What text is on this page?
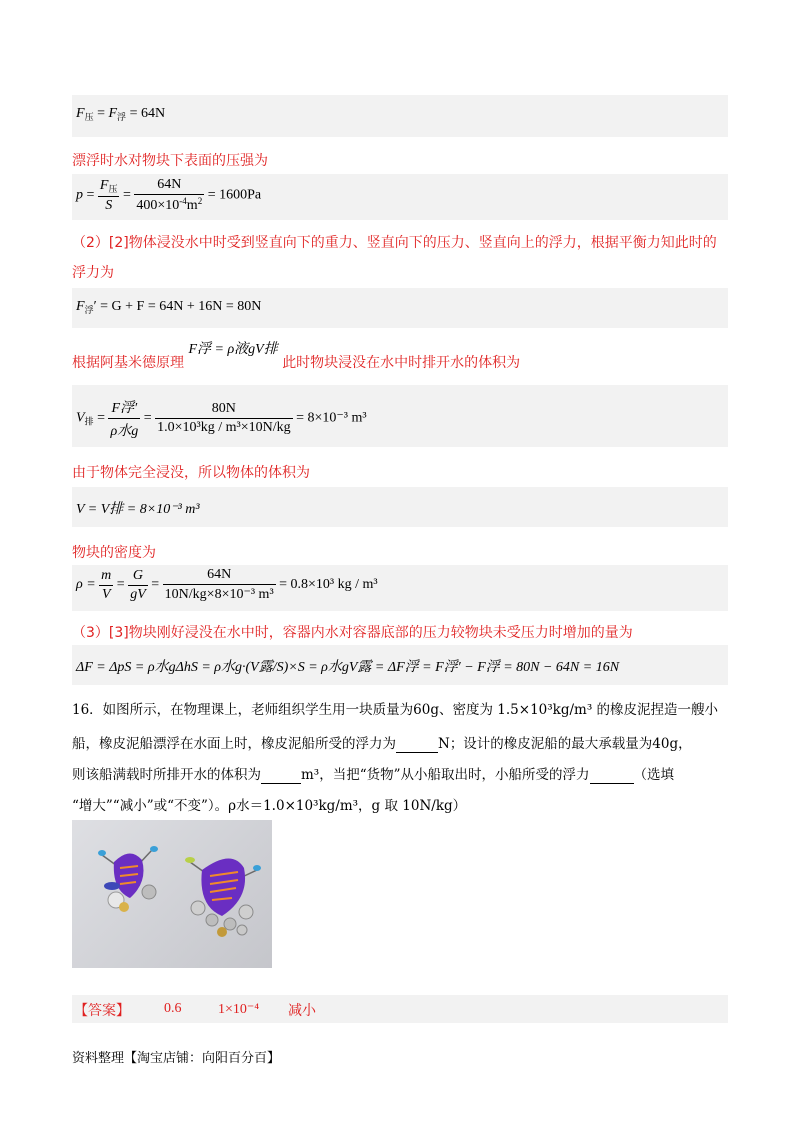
$F_压 = F_浮 = 64N$
漂浮时水对物块下表面的压强为
$p = \frac{F_压}{S} = \frac{64N}{400\times 10^{-4}m^2} = 1600Pa$
（2）[2]物体浸没水中时受到竖直向下的重力、竖直向下的压力、竖直向上的浮力，根据平衡力知此时的
浮力为
$F_浮' = G + F = 64N + 16N = 80N$
根据阿基米德原理 F浮 = ρ液gV排 此时物块浸没在水中时排开水的体积为
$V_排 = \frac{\text{F浮′}}{\text{ρ水g}} = \frac{80N}{\text{1.0×10³kg / m³×10N/kg}} = 8\times 10^{-3}$ m³
由于物体完全浸没，所以物体的体积为
V = V排 = 8×10⁻³ m³
物块的密度为
$\rho = \frac{m}{V} = \frac{G}{gV} = \frac{64N}{\text{10N/kg×8×10⁻³ m³}} = 0.8\times 10^3$ kg / m³
（3）[3]物块刚好浸没在水中时，容器内水对容器底部的压力较物块未受压力时增加的量为
ΔF = ΔpS = ρ水gΔhS = ρ水g·(V露/S)×S = ρ水gV露 = ΔF浮 = F浮′ − F浮 = 80N − 64N = 16N
16．如图所示，在物理课上，老师组织学生用一块质量为60g、密度为 1.5×10³kg/m³ 的橡皮泥捏造一艘小
船，橡皮泥船漂浮在水面上时，橡皮泥船所受的浮力为	N；设计的橡皮泥船的最大承载量为40g，
则该船满载时所排开水的体积为	m³，当把“货物”从小船取出时，小船所受的浮力	（选填
“增大”“减小”或“不变”）。ρ水＝1.0×10³kg/m³，g 取 10N/kg）
【答案】 0.6	1×10⁻⁴ 减小
资料整理【淘宝店铺：向阳百分百】
